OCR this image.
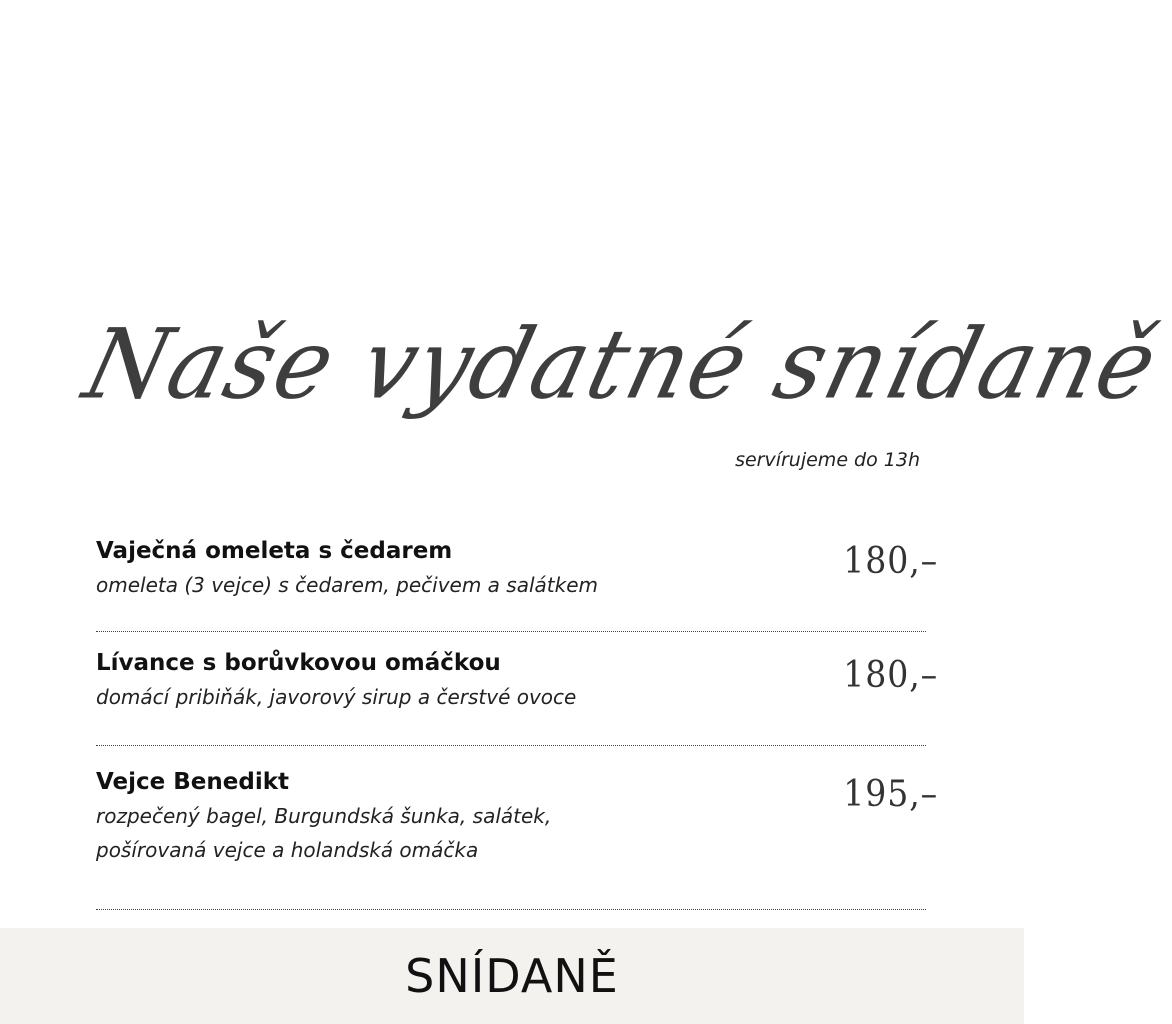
Naše vydatné snídaně
servírujeme do 13h
Vaječná omeleta s čedarem
omeleta (3 vejce) s čedarem, pečivem a salátkem
180,–
Lívance s borůvkovou omáčkou
domácí pribiňák, javorový sirup a čerstvé ovoce
180,–
Vejce Benedikt
rozpečený bagel, Burgundská šunka, salátek,
pošírovaná vejce a holandská omáčka
195,–
SNÍDANĚ
